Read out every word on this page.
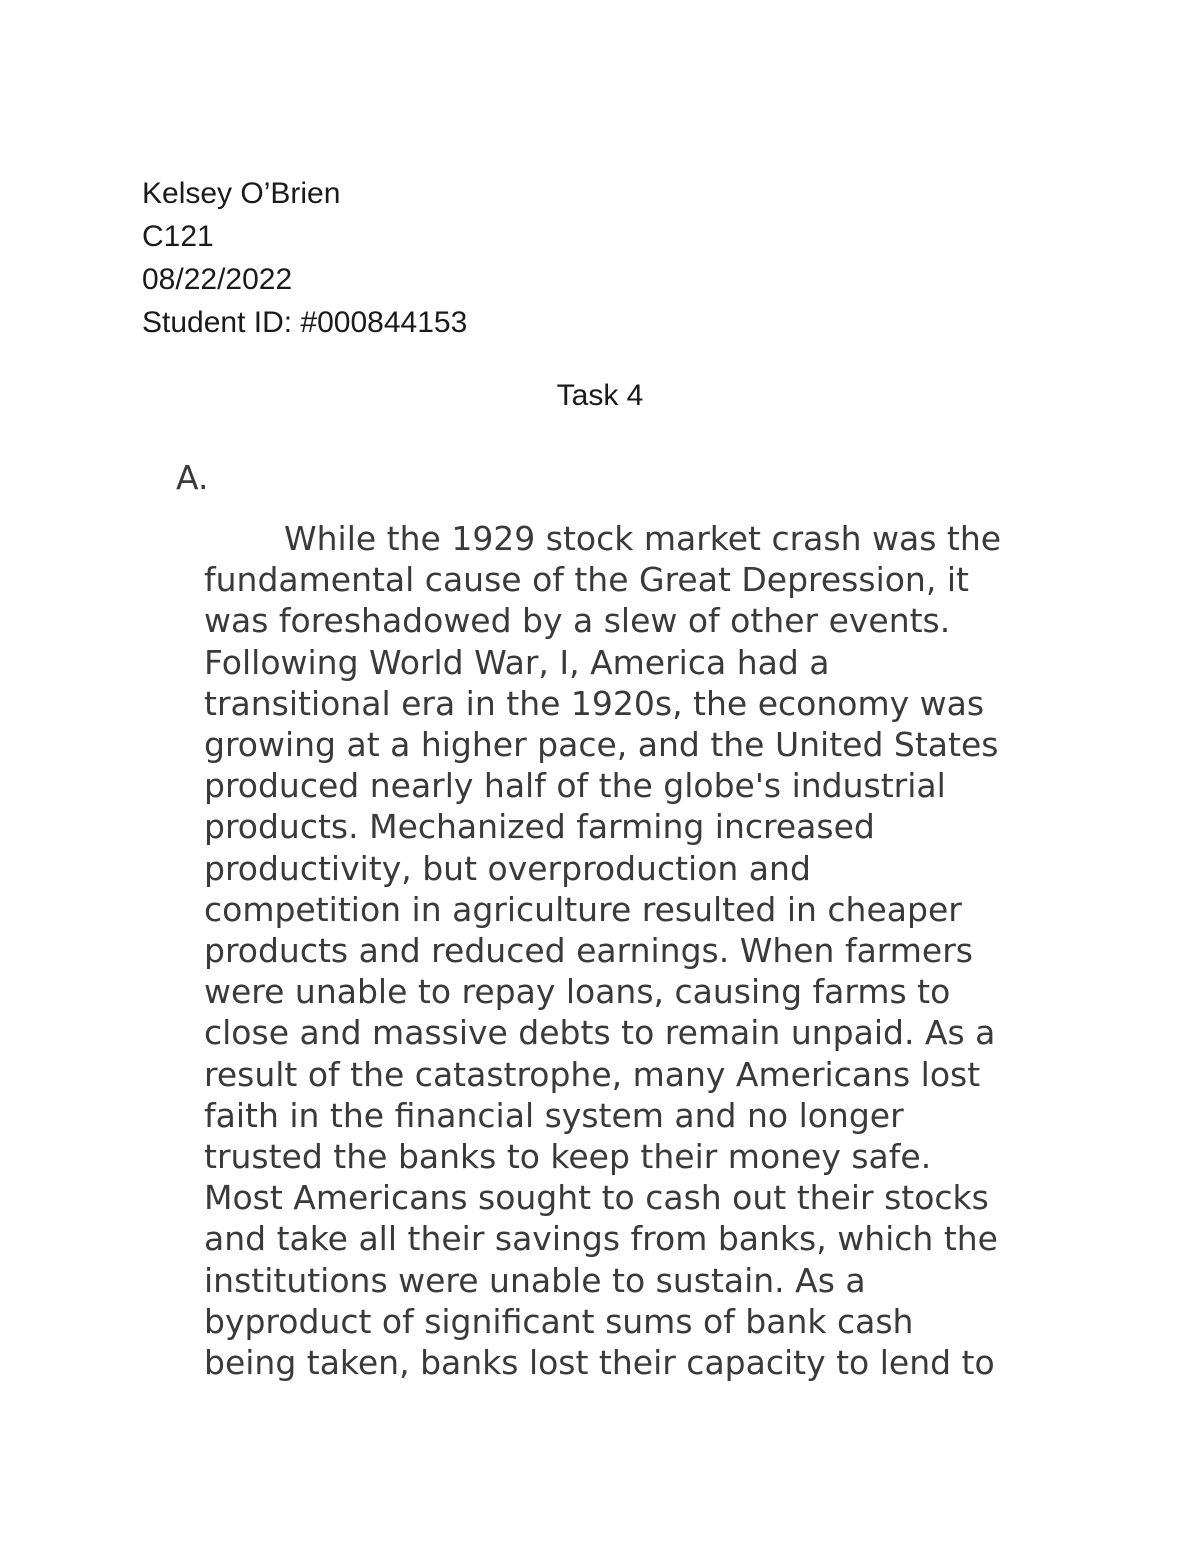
Kelsey O’Brien
C121
08/22/2022
Student ID: #000844153
Task 4
A.
While the 1929 stock market crash was the
fundamental cause of the Great Depression, it
was foreshadowed by a slew of other events.
Following World War, I, America had a
transitional era in the 1920s, the economy was
growing at a higher pace, and the United States
produced nearly half of the globe's industrial
products. Mechanized farming increased
productivity, but overproduction and
competition in agriculture resulted in cheaper
products and reduced earnings. When farmers
were unable to repay loans, causing farms to
close and massive debts to remain unpaid. As a
result of the catastrophe, many Americans lost
faith in the financial system and no longer
trusted the banks to keep their money safe.
Most Americans sought to cash out their stocks
and take all their savings from banks, which the
institutions were unable to sustain. As a
byproduct of significant sums of bank cash
being taken, banks lost their capacity to lend to
